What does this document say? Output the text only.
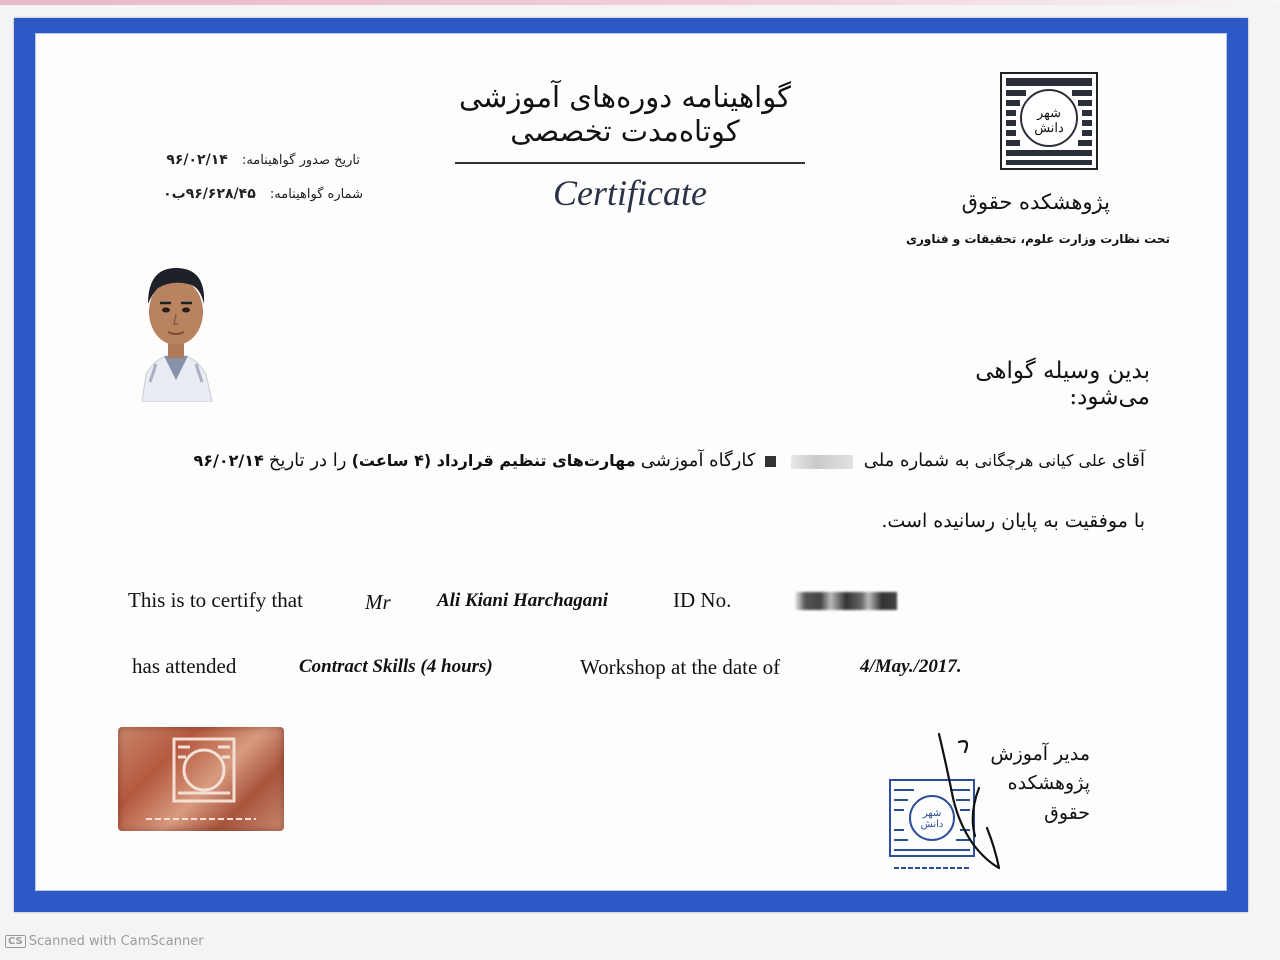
گواهینامه دوره‌های آموزشی کوتاه‌مدت تخصصی
Certificate
تاریخ صدور گواهینامه: ۹۶/۰۲/۱۴
شماره گواهینامه: ۹۶/۶۲۸/۴۵ب۰
شهر دانش
پژوهشکده حقوق
تحت نظارت وزارت علوم، تحقیقات و فناوری
بدین وسیله گواهی می‌شود:
آقای علی کیانی هرچگانی به شماره ملی   کارگاه آموزشی مهارت‌های تنظیم قرارداد (۴ ساعت) را در تاریخ ۹۶/۰۲/۱۴
با موفقیت به پایان رسانیده است.
This is to certify that	Mr Ali Kiani Harchagani	ID No.
has attended	Contract Skills (4 hours)	Workshop at the date of	4/May./2017.
شهر دانش
مدیر آموزش
پژوهشکده حقوق
CS Scanned with CamScanner
